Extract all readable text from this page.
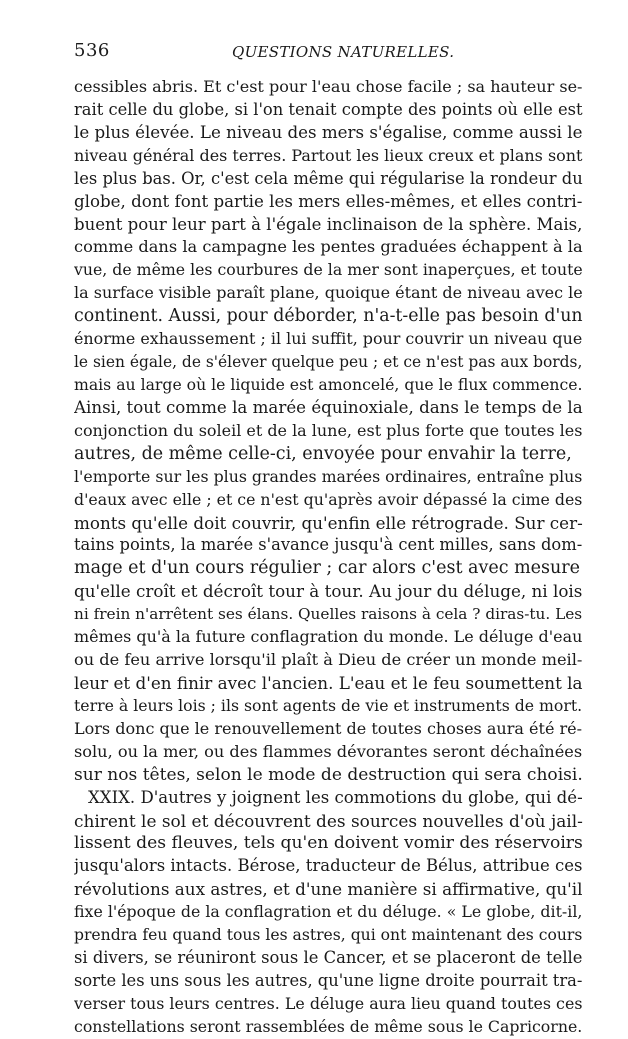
536	QUESTIONS NATURELLES.
cessibles abris. Et c'est pour l'eau chose facile ; sa hauteur se-
rait celle du globe, si l'on tenait compte des points où elle est
le plus élevée. Le niveau des mers s'égalise, comme aussi le
niveau général des terres. Partout les lieux creux et plans sont
les plus bas. Or, c'est cela même qui régularise la rondeur du
globe, dont font partie les mers elles-mêmes, et elles contri-
buent pour leur part à l'égale inclinaison de la sphère. Mais,
comme dans la campagne les pentes graduées échappent à la
vue, de même les courbures de la mer sont inaperçues, et toute
la surface visible paraît plane, quoique étant de niveau avec le
continent. Aussi, pour déborder, n'a-t-elle pas besoin d'un
énorme exhaussement ; il lui suffit, pour couvrir un niveau que
le sien égale, de s'élever quelque peu ; et ce n'est pas aux bords,
mais au large où le liquide est amoncelé, que le flux commence.
Ainsi, tout comme la marée équinoxiale, dans le temps de la
conjonction du soleil et de la lune, est plus forte que toutes les
autres, de même celle-ci, envoyée pour envahir la terre,
l'emporte sur les plus grandes marées ordinaires, entraîne plus
d'eaux avec elle ; et ce n'est qu'après avoir dépassé la cime des
monts qu'elle doit couvrir, qu'enfin elle rétrograde. Sur cer-
tains points, la marée s'avance jusqu'à cent milles, sans dom-
mage et d'un cours régulier ; car alors c'est avec mesure
qu'elle croît et décroît tour à tour. Au jour du déluge, ni lois
ni frein n'arrêtent ses élans. Quelles raisons à cela ? diras-tu. Les
mêmes qu'à la future conflagration du monde. Le déluge d'eau
ou de feu arrive lorsqu'il plaît à Dieu de créer un monde meil-
leur et d'en finir avec l'ancien. L'eau et le feu soumettent la
terre à leurs lois ; ils sont agents de vie et instruments de mort.
Lors donc que le renouvellement de toutes choses aura été ré-
solu, ou la mer, ou des flammes dévorantes seront déchaînées
sur nos têtes, selon le mode de destruction qui sera choisi.
XXIX. D'autres y joignent les commotions du globe, qui dé-
chirent le sol et découvrent des sources nouvelles d'où jail-
lissent des fleuves, tels qu'en doivent vomir des réservoirs
jusqu'alors intacts. Bérose, traducteur de Bélus, attribue ces
révolutions aux astres, et d'une manière si affirmative, qu'il
fixe l'époque de la conflagration et du déluge. « Le globe, dit-il,
prendra feu quand tous les astres, qui ont maintenant des cours
si divers, se réuniront sous le Cancer, et se placeront de telle
sorte les uns sous les autres, qu'une ligne droite pourrait tra-
verser tous leurs centres. Le déluge aura lieu quand toutes ces
constellations seront rassemblées de même sous le Capricorne.
